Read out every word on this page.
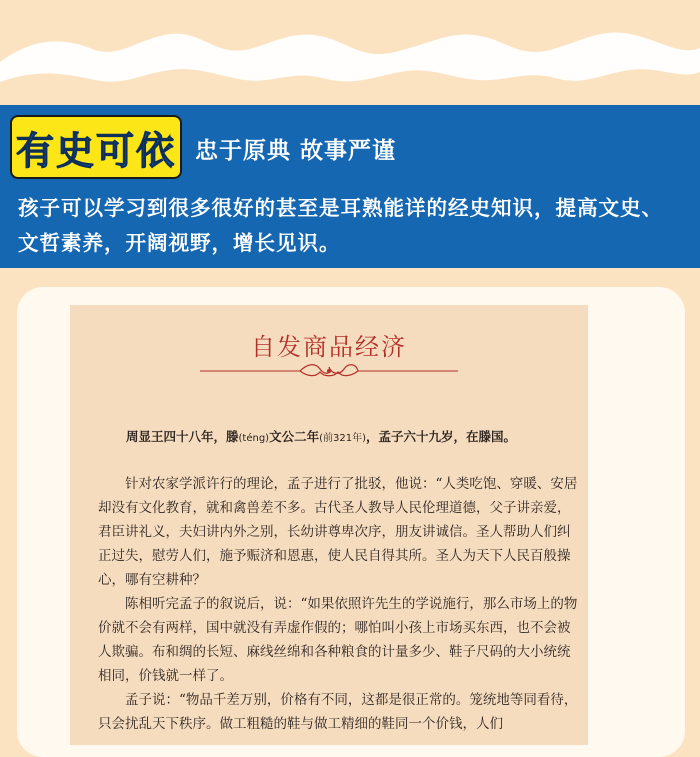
有史可依 忠于原典 故事严谨
孩子可以学习到很多很好的甚至是耳熟能详的经史知识，提高文史、文哲素养，开阔视野，增长见识。
自发商品经济
周显王四十八年，滕(téng)文公二年(前321年)，孟子六十九岁，在滕国。

针对农家学派许行的理论，孟子进行了批驳，他说：“人类吃饱、穿暖、安居却没有文化教育，就和禽兽差不多。古代圣人教导人民伦理道德，父子讲亲爱，君臣讲礼义，夫妇讲内外之别，长幼讲尊卑次序，朋友讲诚信。圣人帮助人们纠正过失，慰劳人们，施予赈济和恩惠，使人民自得其所。圣人为天下人民百般操心，哪有空耕种？

陈相听完孟子的叙说后，说：“如果依照许先生的学说施行，那么市场上的物价就不会有两样，国中就没有弄虚作假的；哪怕叫小孩上市场买东西，也不会被人欺骗。布和绸的长短、麻线丝绵和各种粮食的计量多少、鞋子尺码的大小统统相同，价钱就一样了。

孟子说：“物品千差万别，价格有不同，这都是很正常的。笼统地等同看待，只会扰乱天下秩序。做工粗糙的鞋与做工精细的鞋同一个价钱，人们
